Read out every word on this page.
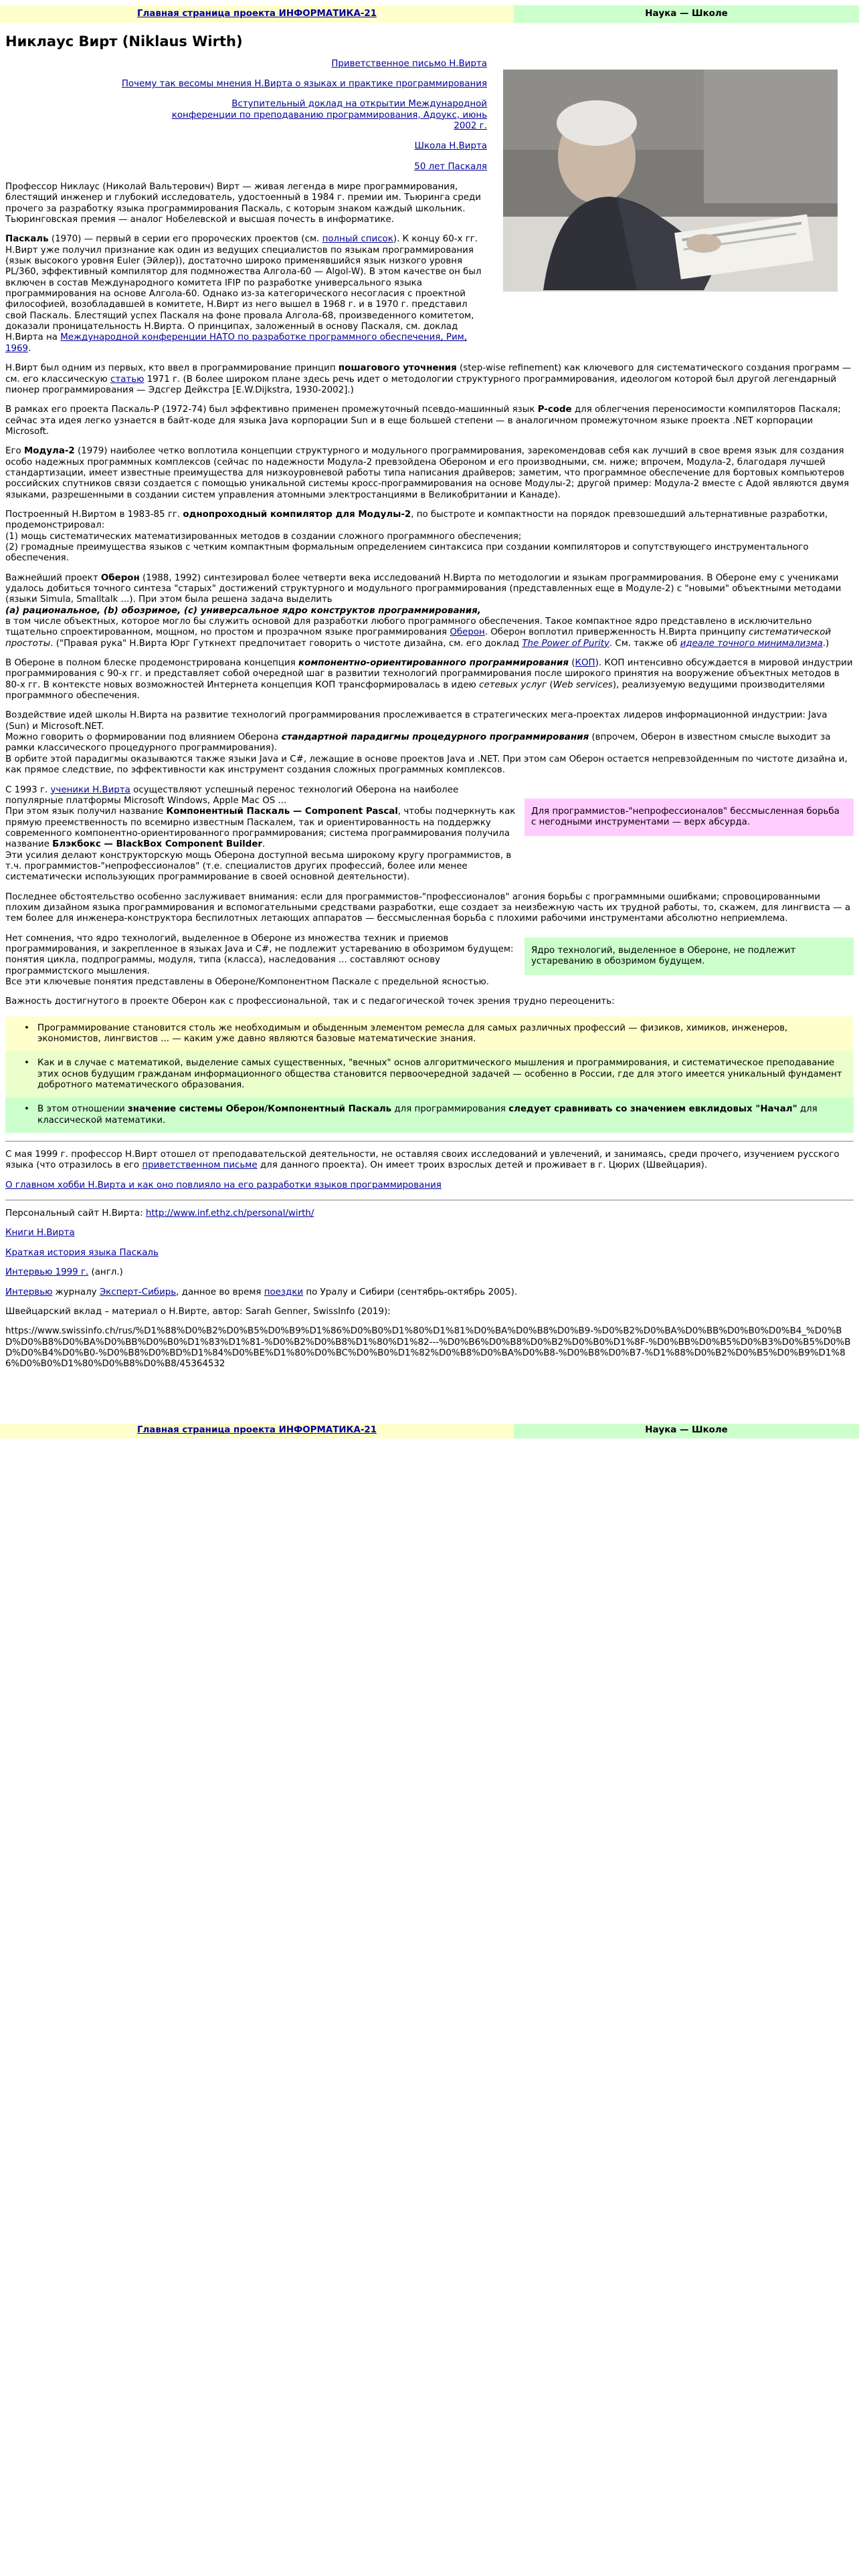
Главная страница проекта ИНФОРМАТИКА-21	Наука — Школе
Никлаус Вирт (Niklaus Wirth)

Приветственное письмо Н.Вирта

Почему так весомы мнения Н.Вирта о языках и практике программирования

Вступительный доклад на открытии Международной конференции по преподаванию программирования, Адоукс, июнь 2002 г.

Школа Н.Вирта

50 лет Паскаля

Профессор Никлаус (Николай Вальтерович) Вирт — живая легенда в мире программирования, блестящий инженер и глубокий исследователь, удостоенный в 1984 г. премии им. Тьюринга среди прочего за разработку языка программирования Паскаль, с которым знаком каждый школьник. Тьюринговская премия — аналог Нобелевской и высшая почесть в информатике.

Паскаль (1970) — первый в серии его пророческих проектов (см. полный список). К концу 60-х гг. Н.Вирт уже получил признание как один из ведущих специалистов по языкам программирования (язык высокого уровня Euler (Эйлер)), достаточно широко применявшийся язык низкого уровня PL/360, эффективный компилятор для подмножества Алгола-60 — Algol-W). В этом качестве он был включен в состав Международного комитета IFIP по разработке универсального языка программирования на основе Алгола-60. Однако из-за категорического несогласия с проектной философией, возобладавшей в комитете, Н.Вирт из него вышел в 1968 г. и в 1970 г. представил свой Паскаль. Блестящий успех Паскаля на фоне провала Алгола-68, произведенного комитетом, доказали проницательность Н.Вирта. О принципах, заложенный в основу Паскаля, см. доклад Н.Вирта на Международной конференции НАТО по разработке программного обеспечения, Рим, 1969.

Н.Вирт был одним из первых, кто ввел в программирование принцип пошагового уточнения (step-wise refinement) как ключевого для систематического создания программ — см. его классическую статью 1971 г. (В более широком плане здесь речь идет о методологии структурного программирования, идеологом которой был другой легендарный пионер программирования — Эдсгер Дейкстра [E.W.Dijkstra, 1930-2002].)

В рамках его проекта Паскаль-P (1972-74) был эффективно применен промежуточный псевдо-машинный язык P-code для облегчения переносимости компиляторов Паскаля; сейчас эта идея легко узнается в байт-коде для языка Java корпорации Sun и в еще большей степени — в аналогичном промежуточном языке проекта .NET корпорации Microsoft.

Его Модула-2 (1979) наиболее четко воплотила концепции структурного и модульного программирования, зарекомендовав себя как лучший в свое время язык для создания особо надежных программных комплексов (сейчас по надежности Модула-2 превзойдена Обероном и его производными, см. ниже; впрочем, Модула-2, благодаря лучшей стандартизации, имеет известные преимущества для низкоуровневой работы типа написания драйверов; заметим, что программное обеспечение для бортовых компьютеров российских спутников связи создается с помощью уникальной системы кросс-программирования на основе Модулы-2; другой пример: Модула-2 вместе с Адой являются двумя языками, разрешенными в создании систем управления атомными электростанциями в Великобритании и Канаде).

Построенный Н.Виртом в 1983-85 гг. однопроходный компилятор для Модулы-2, по быстроте и компактности на порядок превзошедший альтернативные разработки, продемонстрировал:
(1) мощь систематических математизированных методов в создании сложного программного обеспечения;
(2) громадные преимущества языков с четким компактным формальным определением синтаксиса при создании компиляторов и сопутствующего инструментального обеспечения.

Важнейший проект Оберон (1988, 1992) синтезировал более четверти века исследований Н.Вирта по методологии и языкам программирования. В Обероне ему с учениками удалось добиться точного синтеза "старых" достижений структурного и модульного программирования (представленных еще в Модуле-2) с "новыми" объектными методами (языки Simula, Smalltalk ...). При этом была решена задача выделить
(a) рациональное, (b) обозримое, (c) универсальное ядро конструктов программирования,
в том числе объектных, которое могло бы служить основой для разработки любого программного обеспечения. Такое компактное ядро представлено в исключительно тщательно спроектированном, мощном, но простом и прозрачном языке программирования Оберон. Оберон воплотил приверженность Н.Вирта принципу систематической простоты. ("Правая рука" Н.Вирта Юрг Гуткнехт предпочитает говорить о чистоте дизайна, см. его доклад The Power of Purity. См. также об идеале точного минимализма.)

В Обероне в полном блеске продемонстрирована концепция компонентно-ориентированного программирования (КОП). КОП интенсивно обсуждается в мировой индустрии программирования с 90-х гг. и представляет собой очередной шаг в развитии технологий программирования после широкого принятия на вооружение объектных методов в 80-х гг. В контексте новых возможностей Интернета концепция КОП трансформировалась в идею сетевых услуг (Web services), реализуемую ведущими производителями программного обеспечения.

Воздействие идей школы Н.Вирта на развитие технологий программирования прослеживается в стратегических мега-проектах лидеров информационной индустрии: Java (Sun) и Microsoft.NET.
Можно говорить о формировании под влиянием Оберона стандартной парадигмы процедурного программирования (впрочем, Оберон в известном смысле выходит за рамки классического процедурного программирования).
В орбите этой парадигмы оказываются также языки Java и C#, лежащие в основе проектов Java и .NET. При этом сам Оберон остается непревзойденным по чистоте дизайна и, как прямое следствие, по эффективности как инструмент создания сложных программных комплексов.

С 1993 г. ученики Н.Вирта осуществляют успешный перенос технологий Оберона на наиболее популярные платформы Microsoft Windows, Apple Mac OS ...
При этом язык получил название Компонентный Паскаль — Component Pascal, чтобы подчеркнуть как прямую преемственность по всемирно известным Паскалем, так и ориентированность на поддержку современного компонентно-ориентированного программирования; система программирования получила название Блэкбокс — BlackBox Component Builder.
Эти усилия делают конструкторскую мощь Оберона доступной весьма широкому кругу программистов, в т.ч. программистов-"непрофессионалов" (т.е. специалистов других профессий, более или менее систематически использующих программирование в своей основной деятельности).
Для программистов-"непрофессионалов" бессмысленная борьба с негодными инструментами — верх абсурда.

Последнее обстоятельство особенно заслуживает внимания: если для программистов-"профессионалов" агония борьбы с программными ошибками; спровоцированными плохим дизайном языка программирования и вспомогательными средствами разработки, еще создает за неизбежную часть их трудной работы, то, скажем, для лингвиста — а тем более для инженера-конструктора беспилотных летающих аппаратов — бессмысленная борьба с плохими рабочими инструментами абсолютно неприемлема.

Нет сомнения, что ядро технологий, выделенное в Обероне из множества техник и приемов программирования, и закрепленное в языках Java и C#, не подлежит устареванию в обозримом будущем: понятия цикла, подпрограммы, модуля, типа (класса), наследования ... составляют основу программистского мышления.
Все эти ключевые понятия представлены в Обероне/Компонентном Паскале с предельной ясностью.
Ядро технологий, выделенное в Обероне, не подлежит устареванию в обозримом будущем.

Важность достигнутого в проекте Оберон как с профессиональной, так и с педагогической точек зрения трудно переоценить:

• Программирование становится столь же необходимым и обыденным элементом ремесла для самых различных профессий — физиков, химиков, инженеров, экономистов, лингвистов ... — каким уже давно являются базовые математические знания.
• Как и в случае с математикой, выделение самых существенных, "вечных" основ алгоритмического мышления и программирования, и систематическое преподавание этих основ будущим гражданам информационного общества становится первоочередной задачей — особенно в России, где для этого имеется уникальный фундамент добротного математического образования.
• В этом отношении значение системы Оберон/Компонентный Паскаль для программирования следует сравнивать со значением евклидовых "Начал" для классической математики.

С мая 1999 г. профессор Н.Вирт отошел от преподавательской деятельности, не оставляя своих исследований и увлечений, и занимаясь, среди прочего, изучением русского языка (что отразилось в его приветственном письме для данного проекта). Он имеет троих взрослых детей и проживает в г. Цюрих (Швейцария).

О главном хобби Н.Вирта и как оно повлияло на его разработки языков программирования

Персональный сайт Н.Вирта: http://www.inf.ethz.ch/personal/wirth/

Книги Н.Вирта

Краткая история языка Паскаль

Интервью 1999 г. (англ.)

Интервью журналу Эксперт-Сибирь, данное во время поездки по Уралу и Сибири (сентябрь-октябрь 2005).

Швейцарский вклад – материал о Н.Вирте, автор: Sarah Genner, SwissInfo (2019):

https://www.swissinfo.ch/rus/%D1%88%D0%B2%D0%B5%D0%B9%D1%86%D0%B0%D1%80%D1%81%D0%BA%D0%B8%D0%B9-%D0%B2%D0%BA%D0%BB%D0%B0%D0%B4_%D0%BD%D0%B8%D0%BA%D0%BB%D0%B0%D1%83%D1%81-%D0%B2%D0%B8%D1%80%D1%82---%D0%B6%D0%B8%D0%B2%D0%B0%D1%8F-%D0%BB%D0%B5%D0%B3%D0%B5%D0%BD%D0%B4%D0%B0-%D0%B8%D0%BD%D1%84%D0%BE%D1%80%D0%BC%D0%B0%D1%82%D0%B8%D0%BA%D0%B8-%D0%B8%D0%B7-%D1%88%D0%B2%D0%B5%D0%B9%D1%86%D0%B0%D1%80%D0%B8%D0%B8/45364532

Главная страница проекта ИНФОРМАТИКА-21	Наука — Школе
